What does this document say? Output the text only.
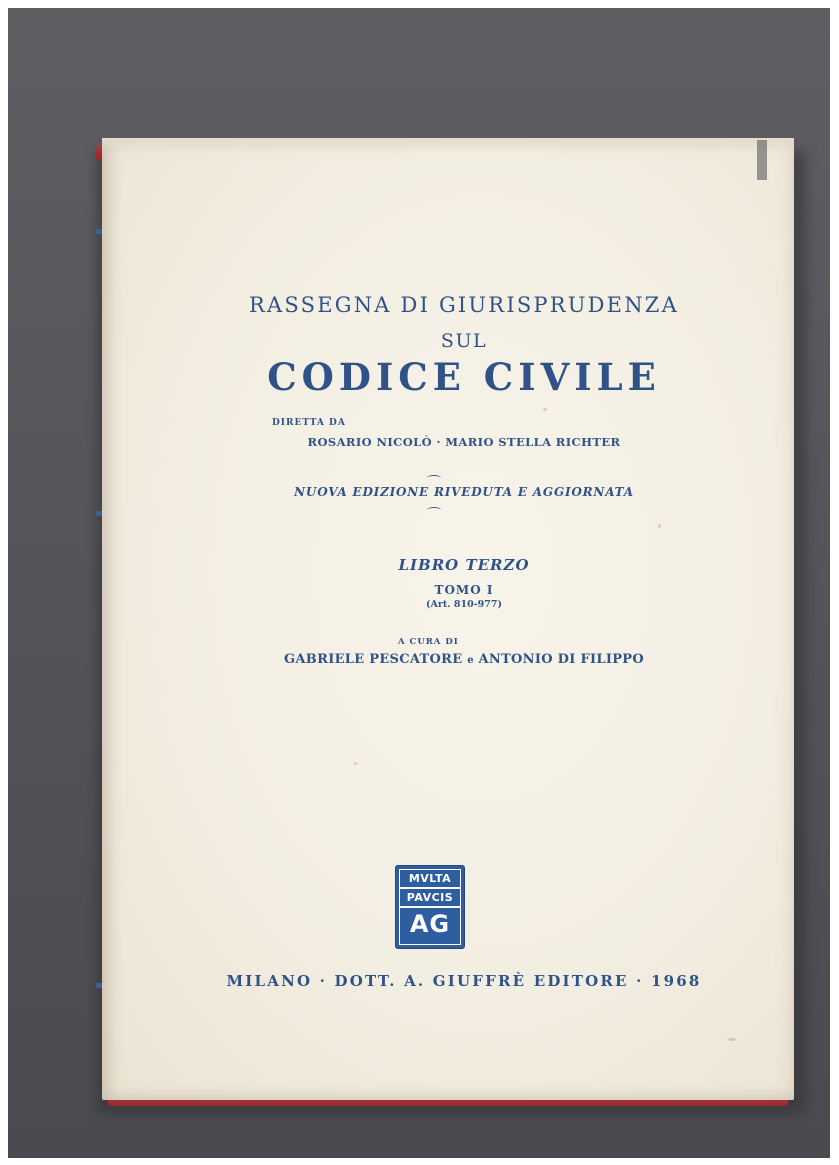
RASSEGNA DI GIURISPRUDENZA

SUL

CODICE CIVILE

DIRETTA DA

ROSARIO NICOLÒ · MARIO STELLA RICHTER

NUOVA EDIZIONE RIVEDUTA E AGGIORNATA

LIBRO TERZO

TOMO I

(Art. 810-977)

A CURA DI

GABRIELE PESCATORE e ANTONIO DI FILIPPO

MVLTA
PAVCIS
AG

MILANO · DOTT. A. GIUFFRÈ EDITORE · 1968
